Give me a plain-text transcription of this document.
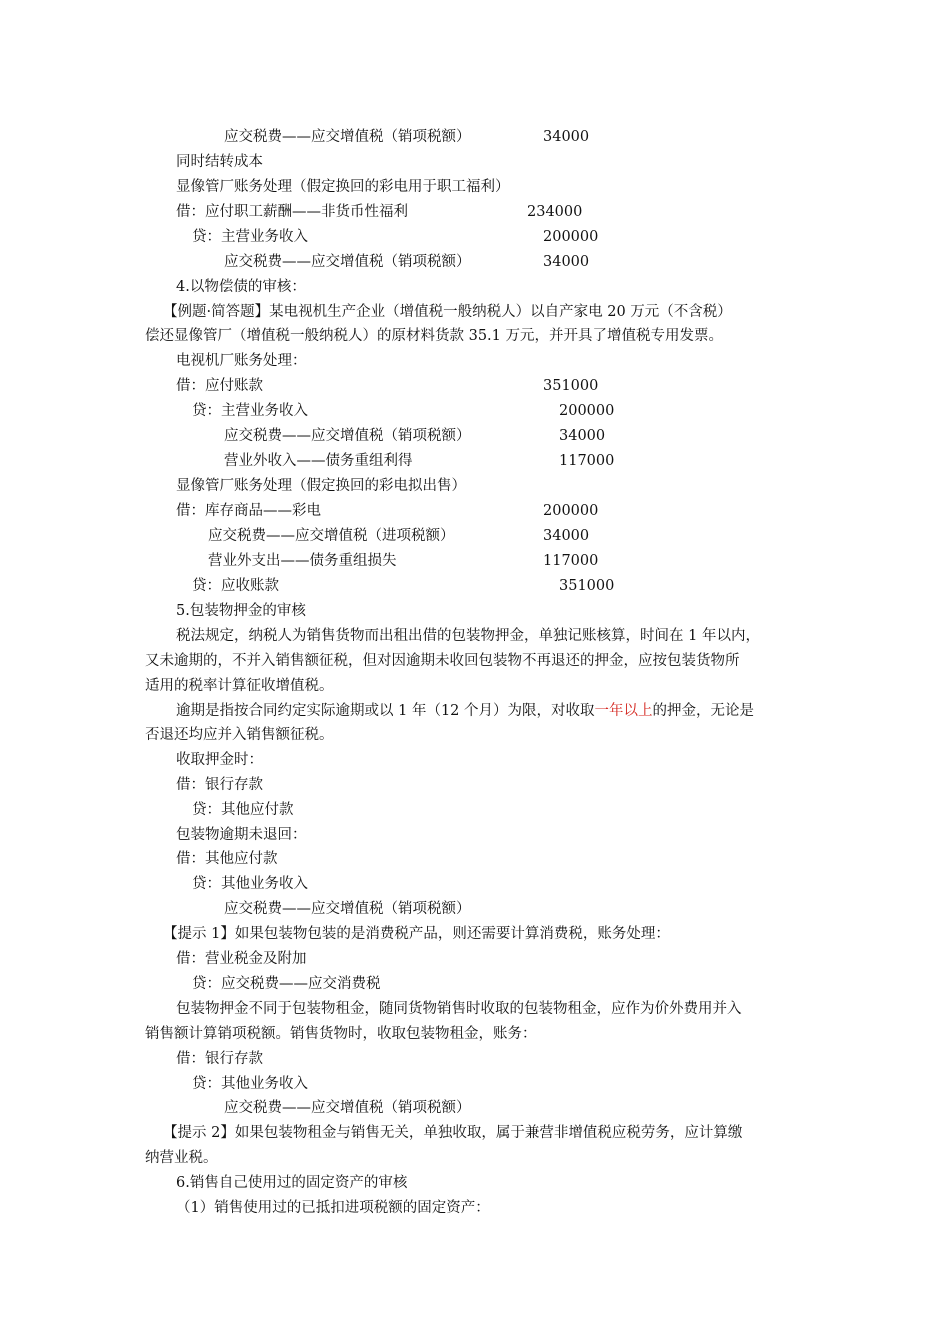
应交税费——应交增值税（销项税额）	34000
同时结转成本
显像管厂账务处理（假定换回的彩电用于职工福利）
借：应付职工薪酬——非货币性福利	234000
贷：主营业务收入	200000
应交税费——应交增值税（销项税额）	34000
4.以物偿债的审核：
【例题·简答题】某电视机生产企业（增值税一般纳税人）以自产家电 20 万元（不含税）
偿还显像管厂（增值税一般纳税人）的原材料货款 35.1 万元，并开具了增值税专用发票。
电视机厂账务处理：
借：应付账款	351000
贷：主营业务收入	200000
应交税费——应交增值税（销项税额）	34000
营业外收入——债务重组利得	117000
显像管厂账务处理（假定换回的彩电拟出售）
借：库存商品——彩电	200000
应交税费——应交增值税（进项税额）	34000
营业外支出——债务重组损失	117000
贷：应收账款	351000
5.包装物押金的审核
税法规定，纳税人为销售货物而出租出借的包装物押金，单独记账核算，时间在 1 年以内，
又未逾期的，不并入销售额征税，但对因逾期未收回包装物不再退还的押金，应按包装货物所
适用的税率计算征收增值税。
逾期是指按合同约定实际逾期或以 1 年（12 个月）为限，对收取一年以上的押金，无论是
否退还均应并入销售额征税。
收取押金时：
借：银行存款
贷：其他应付款
包装物逾期未退回：
借：其他应付款
贷：其他业务收入
应交税费——应交增值税（销项税额）
【提示 1】如果包装物包装的是消费税产品，则还需要计算消费税，账务处理：
借：营业税金及附加
贷：应交税费——应交消费税
包装物押金不同于包装物租金，随同货物销售时收取的包装物租金，应作为价外费用并入
销售额计算销项税额。销售货物时，收取包装物租金，账务：
借：银行存款
贷：其他业务收入
应交税费——应交增值税（销项税额）
【提示 2】如果包装物租金与销售无关，单独收取，属于兼营非增值税应税劳务，应计算缴
纳营业税。
6.销售自己使用过的固定资产的审核
（1）销售使用过的已抵扣进项税额的固定资产：
